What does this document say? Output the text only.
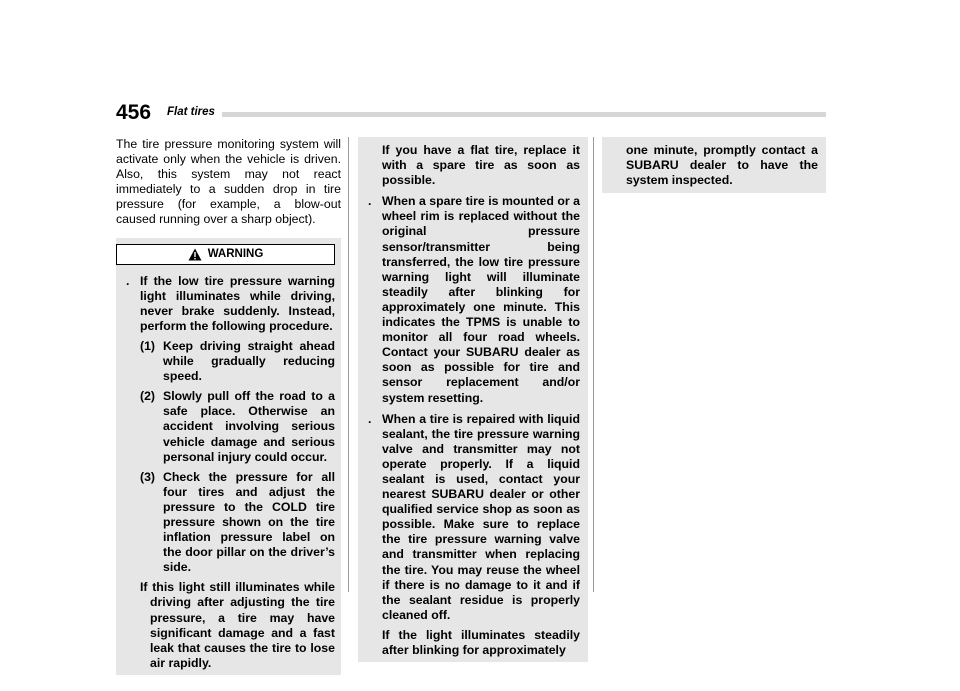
456 Flat tires

The tire pressure monitoring system will activate only when the vehicle is driven. Also, this system may not react immediately to a sudden drop in tire pressure (for example, a blow-out caused running over a sharp object).

WARNING
. If the low tire pressure warning light illuminates while driving, never brake suddenly. Instead, perform the following procedure.
(1) Keep driving straight ahead while gradually reducing speed.
(2) Slowly pull off the road to a safe place. Otherwise an accident involving serious vehicle damage and serious personal injury could occur.
(3) Check the pressure for all four tires and adjust the pressure to the COLD tire pressure shown on the tire inflation pressure label on the door pillar on the driver’s side.
If this light still illuminates while driving after adjusting the tire pressure, a tire may have significant damage and a fast leak that causes the tire to lose air rapidly.
If you have a flat tire, replace it with a spare tire as soon as possible.
. When a spare tire is mounted or a wheel rim is replaced without the original pressure sensor/transmitter being transferred, the low tire pressure warning light will illuminate steadily after blinking for approximately one minute. This indicates the TPMS is unable to monitor all four road wheels. Contact your SUBARU dealer as soon as possible for tire and sensor replacement and/or system resetting.
. When a tire is repaired with liquid sealant, the tire pressure warning valve and transmitter may not operate properly. If a liquid sealant is used, contact your nearest SUBARU dealer or other qualified service shop as soon as possible. Make sure to replace the tire pressure warning valve and transmitter when replacing the tire. You may reuse the wheel if there is no damage to it and if the sealant residue is properly cleaned off.
If the light illuminates steadily after blinking for approximately
one minute, promptly contact a SUBARU dealer to have the system inspected.
